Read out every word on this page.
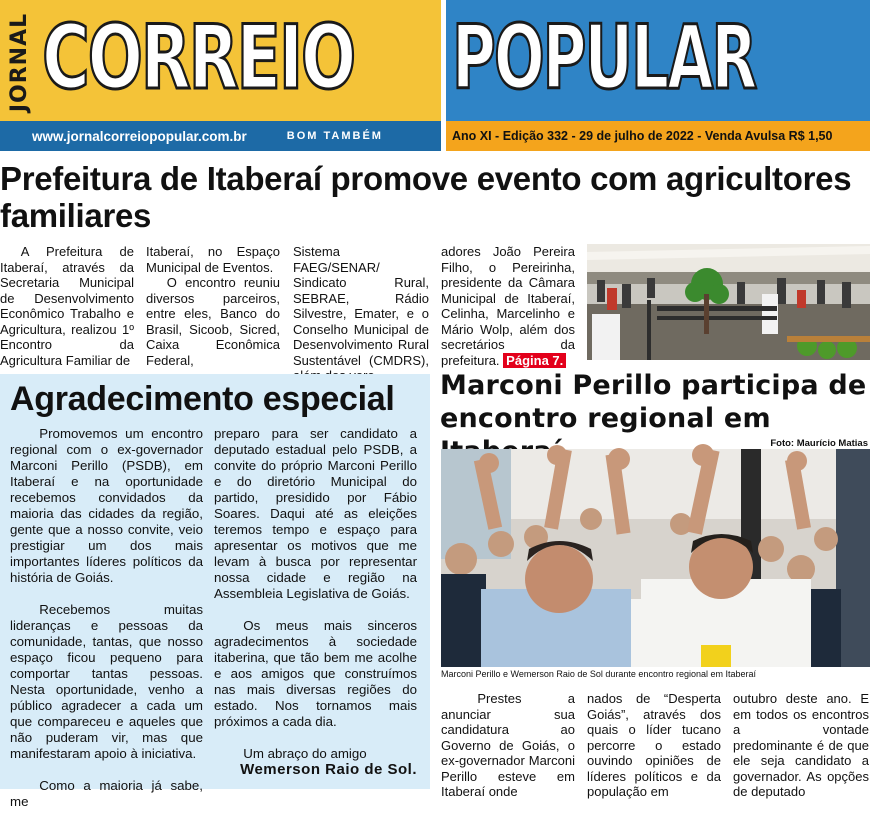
JORNAL CORREIO POPULAR
www.jornalcorreiopopular.com.br	BOM TAMBÉM	Ano XI - Edição 332 - 29 de julho de 2022 - Venda Avulsa R$ 1,50
Prefeitura de Itaberaí promove evento com agricultores familiares

A Prefeitura de Itaberaí, através da Secretaria Municipal de Desenvolvimento Econômico Trabalho e Agricultura, realizou 1º Encontro da Agricultura Familiar de

Itaberaí, no Espaço Municipal de Eventos.

O encontro reuniu diversos parceiros, entre eles, Banco do Brasil, Sicoob, Sicred, Caixa Econômica Federal,

Sistema FAEG/SENAR/ Sindicato Rural, SEBRAE, Rádio Silvestre, Emater, e o Conselho Municipal de Desenvolvimento Rural Sustentável (CMDRS),

adores João Pereira Filho, o Pereirinha, presidente da Câmara Municipal de Itaberaí, Celinha, Marcelinho e Mário Wolp, além dos secretários da prefeitura. Página 7.

Agradecimento especial

Promovemos um encontro regional com o ex-governador Marconi Perillo (PSDB), em Itaberaí e na oportunidade recebemos convidados da maioria das cidades da região, gente que a nosso convite, veio prestigiar um dos mais importantes líderes políticos da história de Goiás.

Recebemos muitas lideranças e pessoas da comunidade, tantas, que nosso espaço ficou pequeno para comportar tantas pessoas. Nesta oportunidade, venho a público agradecer a cada um que compareceu e aqueles que não puderam vir, mas que manifestaram apoio à iniciativa.

Como a maioria já sabe, me

preparo para ser candidato a deputado estadual pelo PSDB, a convite do próprio Marconi Perillo e do diretório Municipal do partido, presidido por Fábio Soares. Daqui até as eleições teremos tempo e espaço para apresentar os motivos que me levam à busca por representar nossa cidade e região na Assembleia Legislativa de Goiás.

Os meus mais sinceros agradecimentos à sociedade itaberina, que tão bem me acolhe e aos amigos que construímos nas mais diversas regiões do estado. Nos tornamos mais próximos a cada dia.

Um abraço do amigo

Wemerson Raio de Sol.
Marconi Perillo participa de encontro regional em
Foto: Maurício Matias
Marconi Perillo e Wemerson Raio de Sol durante encontro regional em Itaberaí

Prestes a anunciar sua candidatura ao Governo de Goiás, o ex-governador Marconi Perillo esteve em Itaberaí onde

nados de “Desperta Goiás”, através dos quais o líder tucano percorre o estado ouvindo opiniões de líderes políticos e da população em

outubro deste ano. E em todos os encontros a vontade predominante é de que ele seja candidato a governador. As opções de deputado
